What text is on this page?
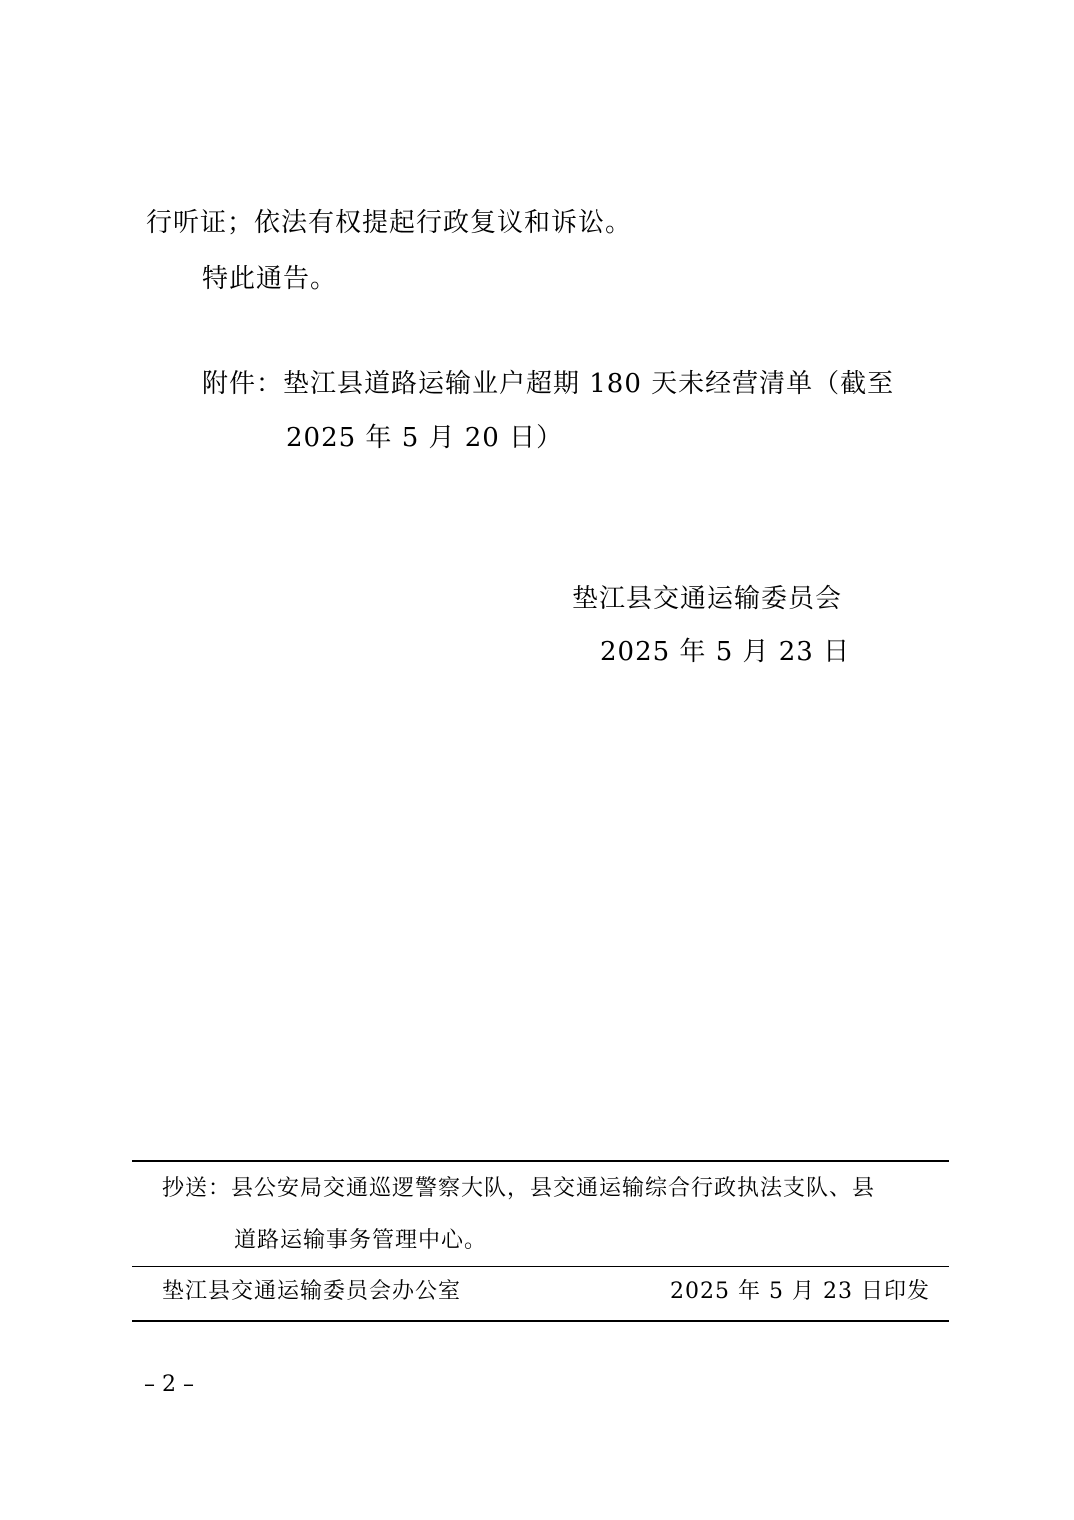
行听证；依法有权提起行政复议和诉讼。
特此通告。
附件：垫江县道路运输业户超期 180 天未经营清单（截至
2025 年 5 月 20 日）
垫江县交通运输委员会
2025 年 5 月 23 日
抄送：县公安局交通巡逻警察大队，县交通运输综合行政执法支队、县
道路运输事务管理中心。
垫江县交通运输委员会办公室	2025 年 5 月 23 日印发
– 2 –
